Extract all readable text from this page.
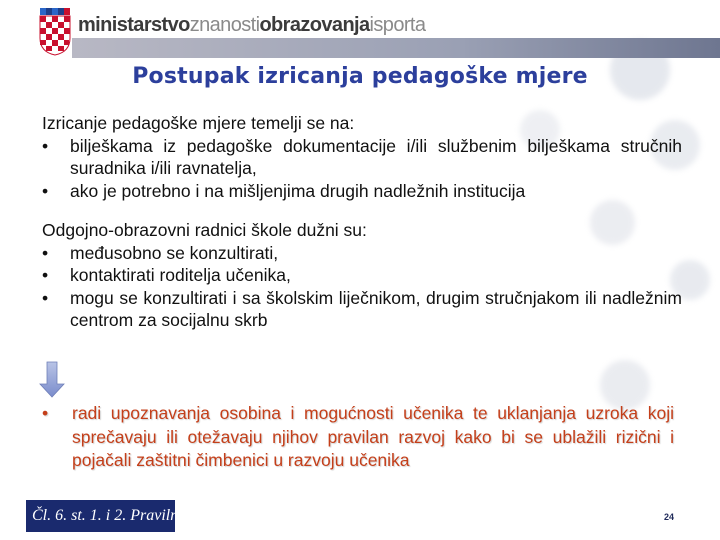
ministarstvoznanostiobrazovanjaisporta
Postupak izricanja pedagoške mjere

Izricanje pedagoške mjere temelji se na:

• bilješkama iz pedagoške dokumentacije i/ili službenim bilješkama stručnih suradnika i/ili ravnatelja,
• ako je potrebno i na mišljenjima drugih nadležnih institucija

Odgojno-obrazovni radnici škole dužni su:

• međusobno se konzultirati,
• kontaktirati roditelja učenika,
• mogu se konzultirati i sa školskim liječnikom, drugim stručnjakom ili nadležnim centrom za socijalnu skrb
• radi upoznavanja osobina i mogućnosti učenika te uklanjanja uzroka koji sprečavaju ili otežavaju njihov pravilan razvoj kako bi se ublažili rizični i pojačali zaštitni čimbenici u razvoju učenika
Čl. 6. st. 1. i 2. Pravilnika	24
